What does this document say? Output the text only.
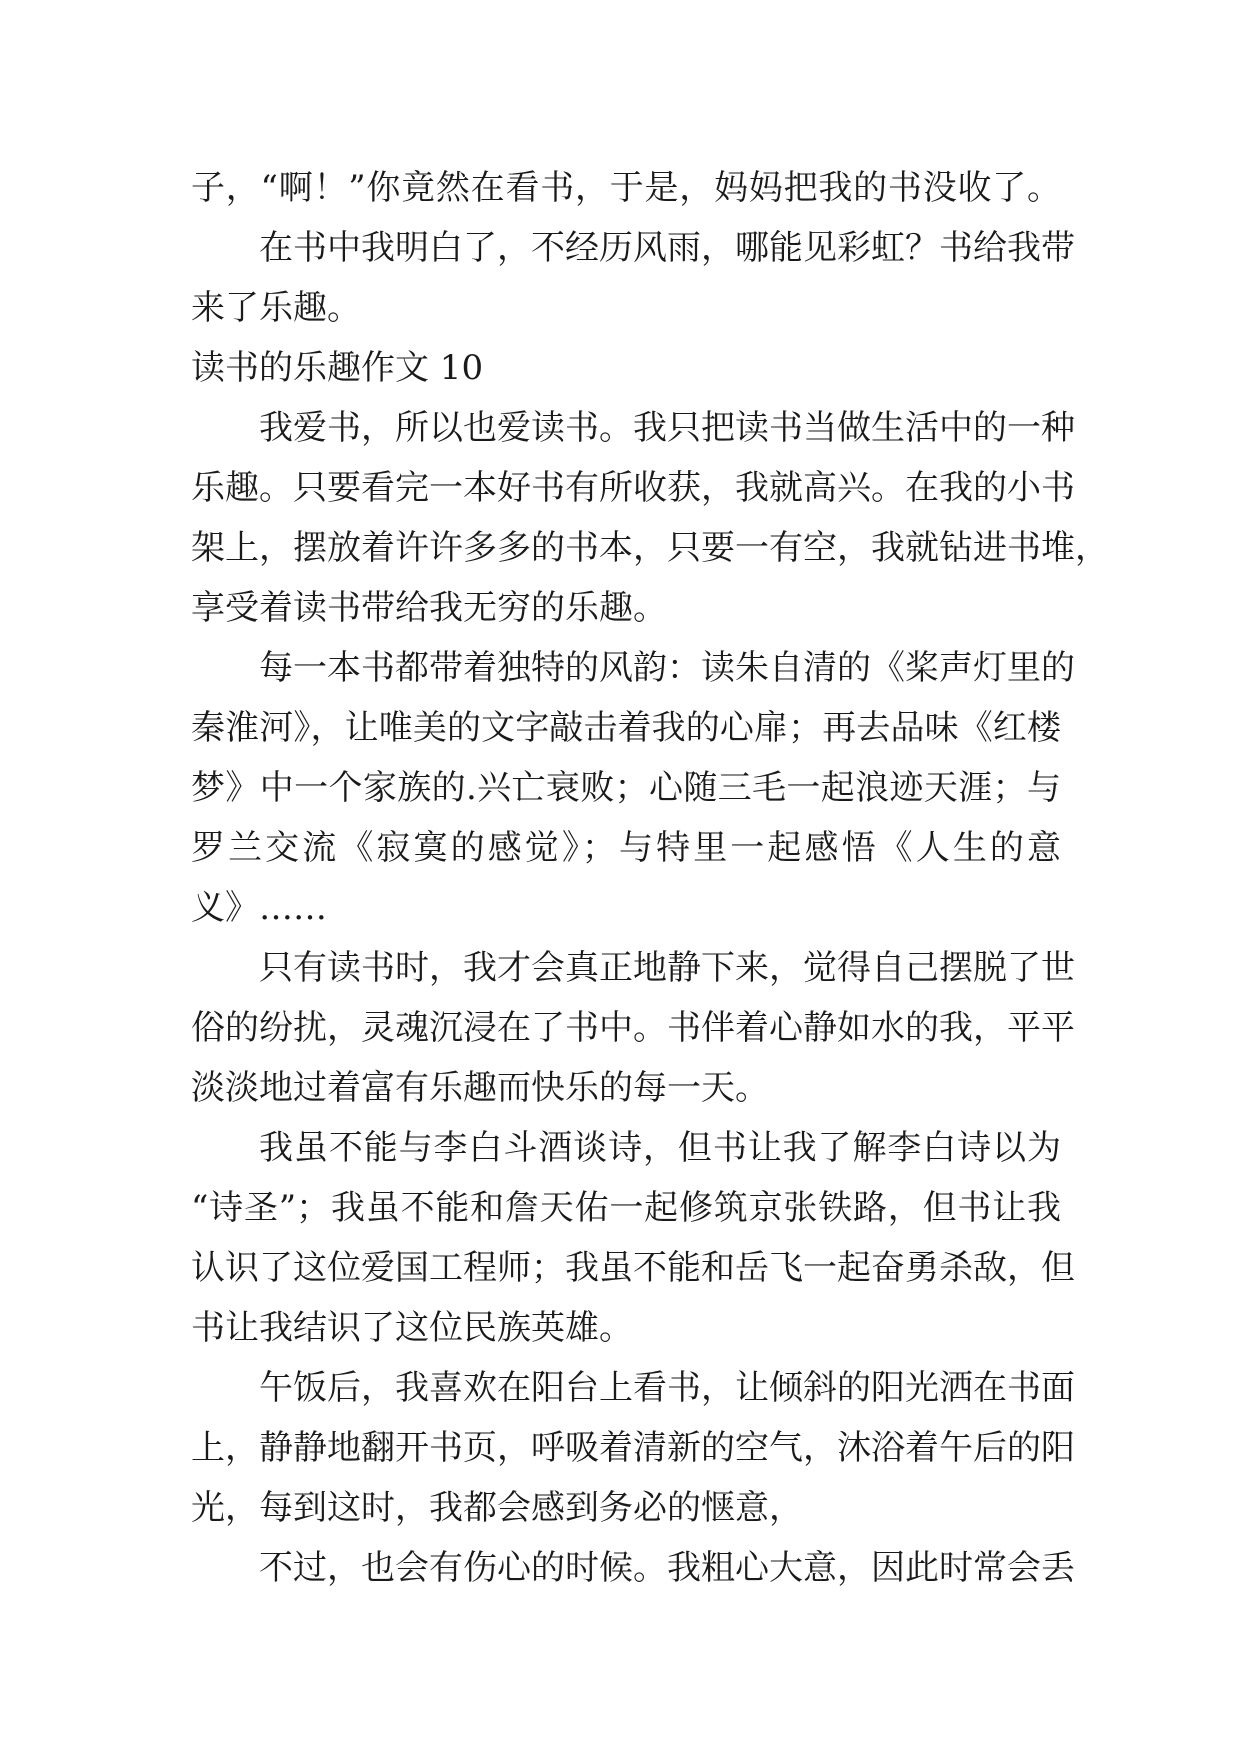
子，“啊！”你竟然在看书，于是，妈妈把我的书没收了。
在书中我明白了，不经历风雨，哪能见彩虹？书给我带
来了乐趣。
读书的乐趣作文 10
我爱书，所以也爱读书。我只把读书当做生活中的一种
乐趣。只要看完一本好书有所收获，我就高兴。在我的小书
架上，摆放着许许多多的书本，只要一有空，我就钻进书堆，
享受着读书带给我无穷的乐趣。
每一本书都带着独特的风韵：读朱自清的《桨声灯里的
秦淮河》，让唯美的文字敲击着我的心扉；再去品味《红楼
梦》中一个家族的.兴亡衰败；心随三毛一起浪迹天涯；与
罗兰交流《寂寞的感觉》；与特里一起感悟《人生的意
义》……
只有读书时，我才会真正地静下来，觉得自己摆脱了世
俗的纷扰，灵魂沉浸在了书中。书伴着心静如水的我，平平
淡淡地过着富有乐趣而快乐的每一天。
我虽不能与李白斗酒谈诗，但书让我了解李白诗以为
“诗圣”；我虽不能和詹天佑一起修筑京张铁路，但书让我
认识了这位爱国工程师；我虽不能和岳飞一起奋勇杀敌，但
书让我结识了这位民族英雄。
午饭后，我喜欢在阳台上看书，让倾斜的阳光洒在书面
上，静静地翻开书页，呼吸着清新的空气，沐浴着午后的阳
光，每到这时，我都会感到务必的惬意，
不过，也会有伤心的时候。我粗心大意，因此时常会丢
